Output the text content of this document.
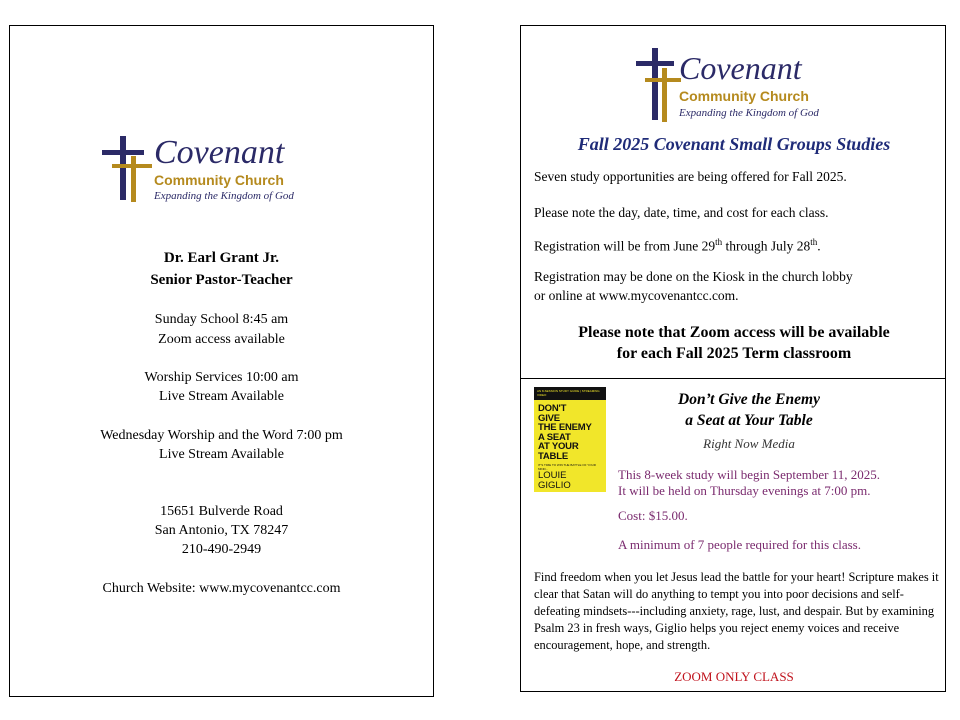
Covenant
Community Church
Expanding the Kingdom of God
Dr. Earl Grant Jr.
Senior Pastor-Teacher
Sunday School 8:45 am
Zoom access available
Worship Services 10:00 am
Live Stream Available
Wednesday Worship and the Word 7:00 pm
Live Stream Available
15651 Bulverde Road
San Antonio, TX 78247
210-490-2949
Church Website: www.mycovenantcc.com
Covenant
Community Church
Expanding the Kingdom of God
Fall 2025 Covenant Small Groups Studies
Seven study opportunities are being offered for Fall 2025.
Please note the day, date, time, and cost for each class.
Registration will be from June 29th through July 28th.
Registration may be done on the Kiosk in the church lobby
or online at www.mycovenantcc.com.
Please note that Zoom access will be available
for each Fall 2025 Term classroom
AN 8-SESSION STUDY GUIDE | STREAMING VIDEO
DON'T
GIVE
THE ENEMY
A SEAT
AT YOUR
TABLE
IT'S TIME TO WIN THE BATTLE OF YOUR MIND...
LOUIE
GIGLIO
Don’t Give the Enemy
a Seat at Your Table
Right Now Media
This 8-week study will begin September 11, 2025.
It will be held on Thursday evenings at 7:00 pm.
Cost: $15.00.
A minimum of 7 people required for this class.
Find freedom when you let Jesus lead the battle for your heart! Scripture makes it clear that Satan will do anything to tempt you into poor decisions and self-defeating mindsets---including anxiety, rage, lust, and despair. But by examining Psalm 23 in fresh ways, Giglio helps you reject enemy voices and receive encouragement, hope, and strength.
ZOOM ONLY CLASS
